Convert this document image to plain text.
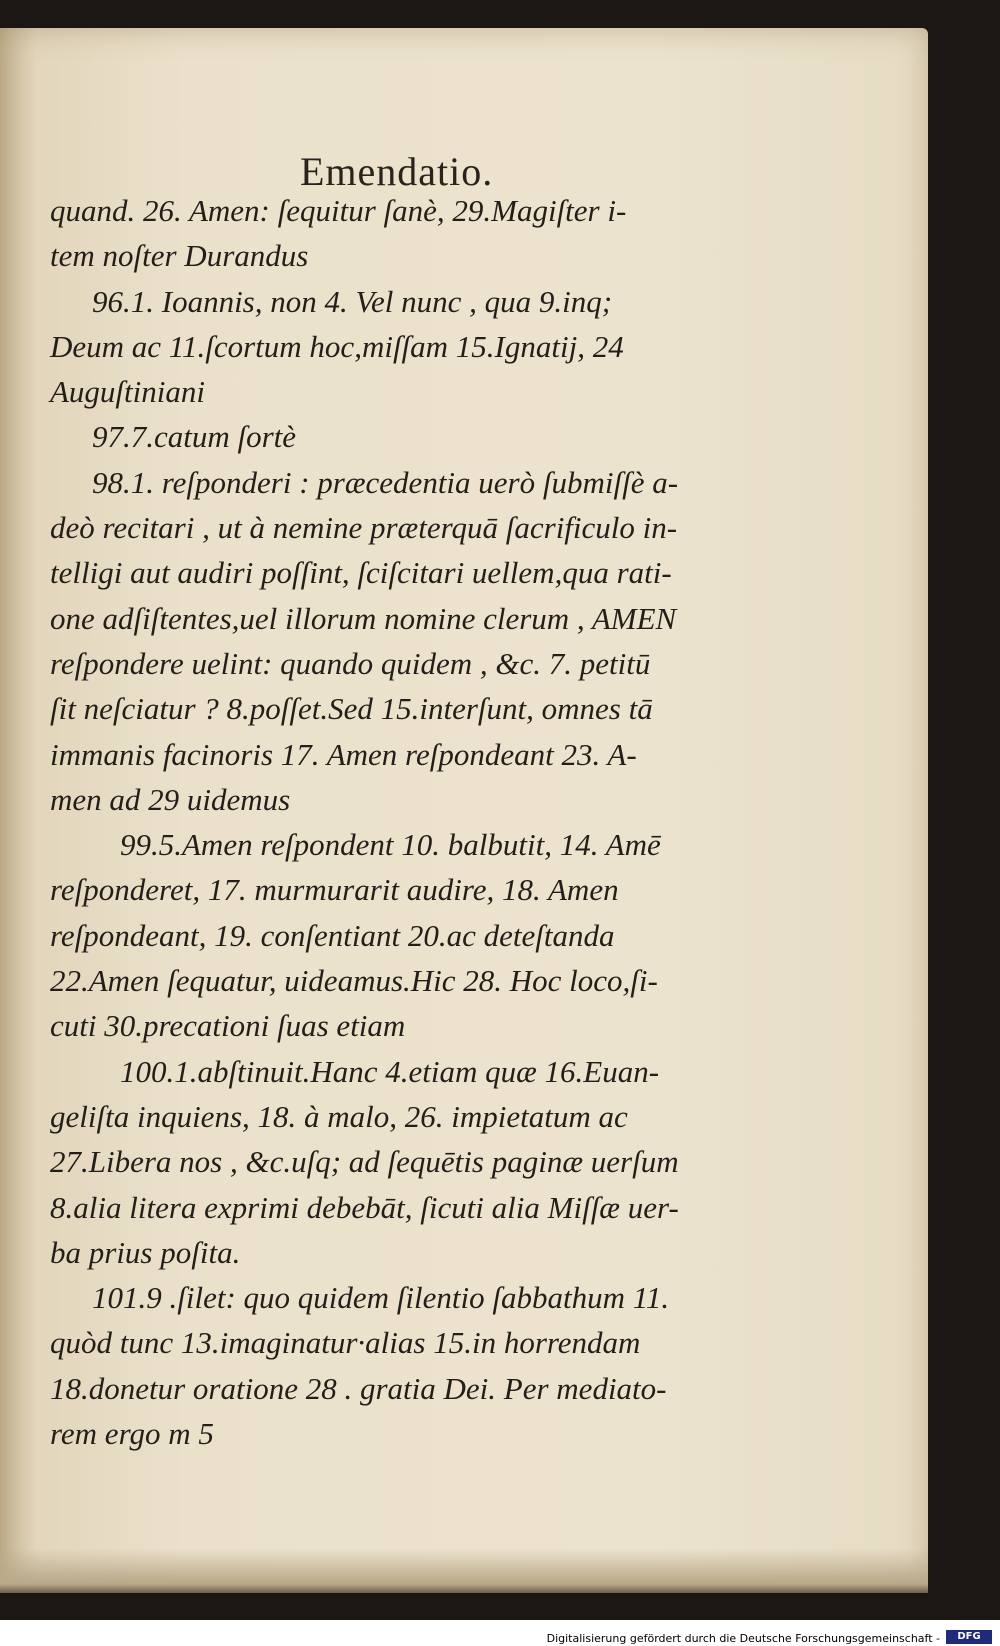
Emendatio.
quand. 26. Amen: ſequitur ſanè, 29.Magiſter i-
tem noſter Durandus
96.1. Ioannis, non 4. Vel nunc , qua 9.inq;
Deum ac 11.ſcortum hoc,miſſam 15.Ignatij, 24
Auguſtiniani
97.7.catum ſortè
98.1. reſponderi : præcedentia uerò ſubmiſſè a-
deò recitari , ut à nemine præterquā ſacrificulo in-
telligi aut audiri poſſint, ſciſcitari uellem,qua rati-
one adſiſtentes,uel illorum nomine clerum , AMEN
reſpondere uelint: quando quidem , &c. 7. petitū
ſit neſciatur ? 8.poſſet.Sed 15.interſunt, omnes tā
immanis facinoris 17. Amen reſpondeant 23. A-
men ad 29 uidemus
99.5.Amen reſpondent 10. balbutit, 14. Amē
reſponderet, 17. murmurarit audire, 18. Amen
reſpondeant, 19. conſentiant 20.ac deteſtanda
22.Amen ſequatur, uideamus.Hic 28. Hoc loco,ſi-
cuti 30.precationi ſuas etiam
100.1.abſtinuit.Hanc 4.etiam quæ 16.Euan-
geliſta inquiens, 18. à malo, 26. impietatum ac
27.Libera nos , &c.uſq; ad ſequētis paginæ uerſum
8.alia litera exprimi debebāt, ſicuti alia Miſſæ uer-
ba prius poſita.
101.9 .ſilet: quo quidem ſilentio ſabbathum 11.
quòd tunc 13.imaginatur·alias 15.in horrendam
18.donetur oratione 28 . gratia Dei. Per mediato-
rem ergo m 5
Digitalisierung gefördert durch die Deutsche Forschungsgemeinschaft -	DFG
